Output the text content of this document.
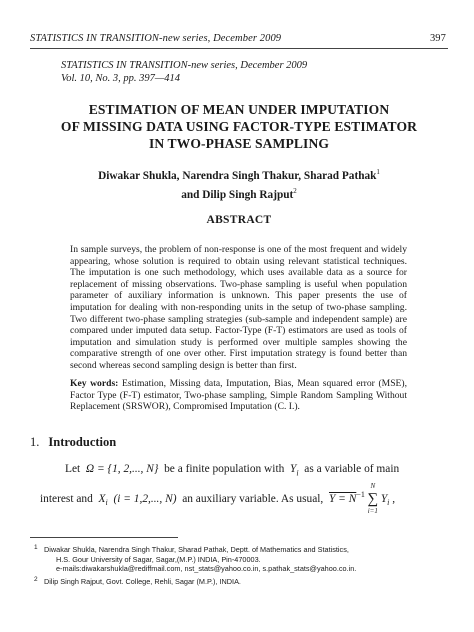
STATISTICS IN TRANSITION-new series, December 2009	397
STATISTICS IN TRANSITION-new series, December 2009
Vol. 10, No. 3, pp. 397—414
ESTIMATION OF MEAN UNDER IMPUTATION
OF MISSING DATA USING FACTOR-TYPE ESTIMATOR
IN TWO-PHASE SAMPLING
Diwakar Shukla, Narendra Singh Thakur, Sharad Pathak$^1$
and Dilip Singh Rajput$^2$
ABSTRACT
In sample surveys, the problem of non-response is one of the most frequent and widely appearing, whose solution is required to obtain using relevant statistical techniques. The imputation is one such methodology, which uses available data as a source for replacement of missing observations. Two-phase sampling is useful when population parameter of auxiliary information is unknown. This paper presents the use of imputation for dealing with non-responding units in the setup of two-phase sampling. Two different two-phase sampling strategies (sub-sample and independent sample) are compared under imputed data setup. Factor-Type (F-T) estimators are used as tools of imputation and simulation study is performed over multiple samples showing the comparative strength of one over other. First imputation strategy is found better than second whereas second sampling design is better than first.
Key words: Estimation, Missing data, Imputation, Bias, Mean squared error (MSE), Factor Type (F-T) estimator, Two-phase sampling, Simple Random Sampling Without Replacement (SRSWOR), Compromised Imputation (C. I.).
1. Introduction
Let Ω = {1, 2,..., N} be a finite population with $Y_i$ as a variable of main
interest and $X_i$ (i = 1,2,..., N) an auxiliary variable. As usual, $Y = N^{-1}$
N
∑
i=1
$Y_i$ ,
1 Diwakar Shukla, Narendra Singh Thakur, Sharad Pathak, Deptt. of Mathematics and Statistics,
H.S. Gour University of Sagar, Sagar,(M.P.) INDIA, Pin-470003.
e-mails:diwakarshukla@rediffmail.com, nst_stats@yahoo.co.in, s.pathak_stats@yahoo.co.in.
2 Dilip Singh Rajput, Govt. College, Rehli, Sagar (M.P.), INDIA.
